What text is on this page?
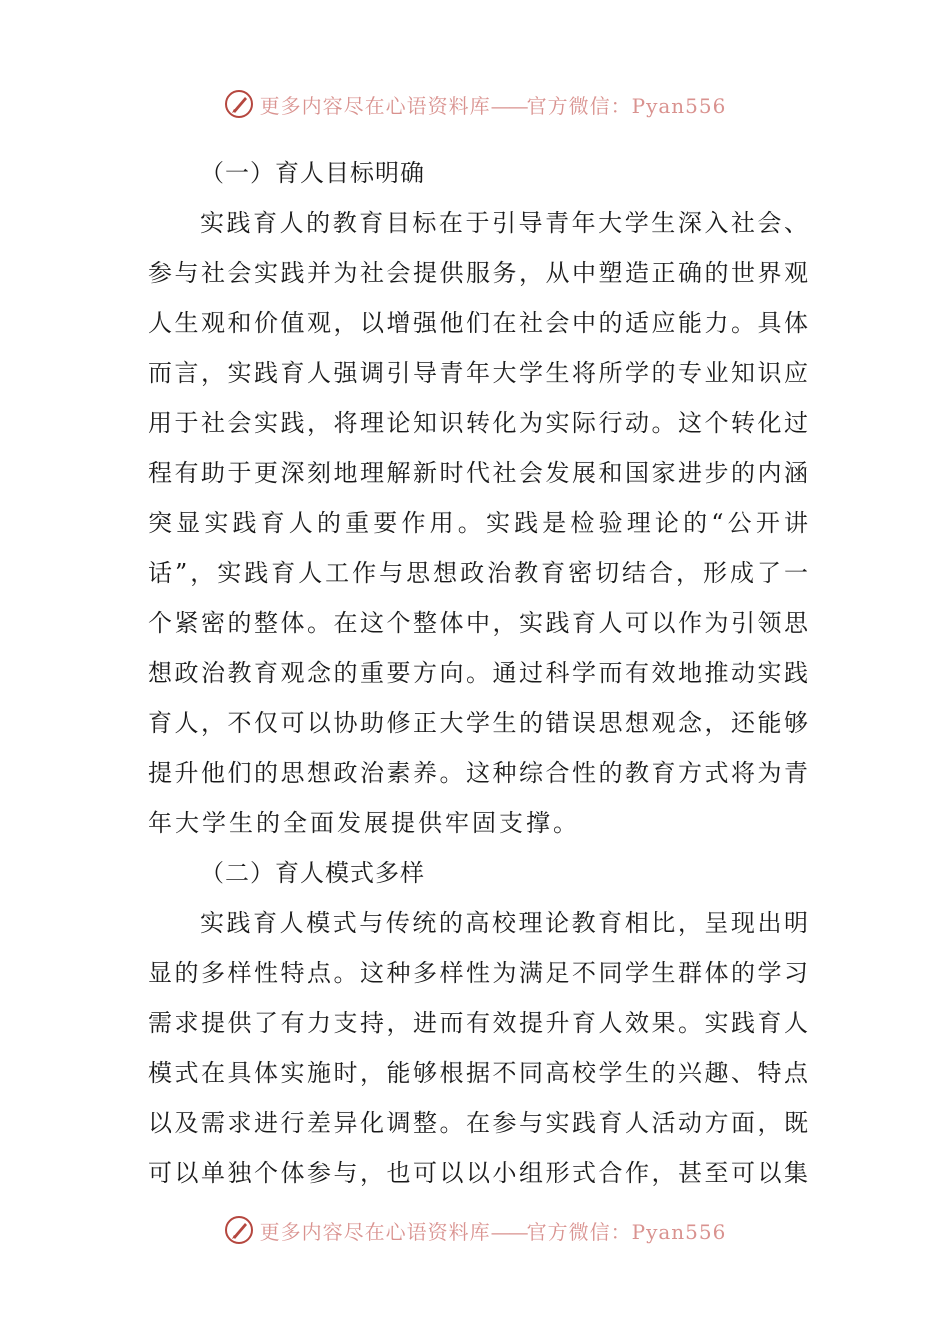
更多内容尽在心语资料库——官方微信：Pyan556
（一）育人目标明确
实践育人的教育目标在于引导青年大学生深入社会、
参与社会实践并为社会提供服务，从中塑造正确的世界观
人生观和价值观，以增强他们在社会中的适应能力。具体
而言，实践育人强调引导青年大学生将所学的专业知识应
用于社会实践，将理论知识转化为实际行动。这个转化过
程有助于更深刻地理解新时代社会发展和国家进步的内涵
突显实践育人的重要作用。实践是检验理论的“公开讲
话”，实践育人工作与思想政治教育密切结合，形成了一
个紧密的整体。在这个整体中，实践育人可以作为引领思
想政治教育观念的重要方向。通过科学而有效地推动实践
育人，不仅可以协助修正大学生的错误思想观念，还能够
提升他们的思想政治素养。这种综合性的教育方式将为青
年大学生的全面发展提供牢固支撑。
（二）育人模式多样
实践育人模式与传统的高校理论教育相比，呈现出明
显的多样性特点。这种多样性为满足不同学生群体的学习
需求提供了有力支持，进而有效提升育人效果。实践育人
模式在具体实施时，能够根据不同高校学生的兴趣、特点
以及需求进行差异化调整。在参与实践育人活动方面，既
可以单独个体参与，也可以以小组形式合作，甚至可以集
更多内容尽在心语资料库——官方微信：Pyan556
